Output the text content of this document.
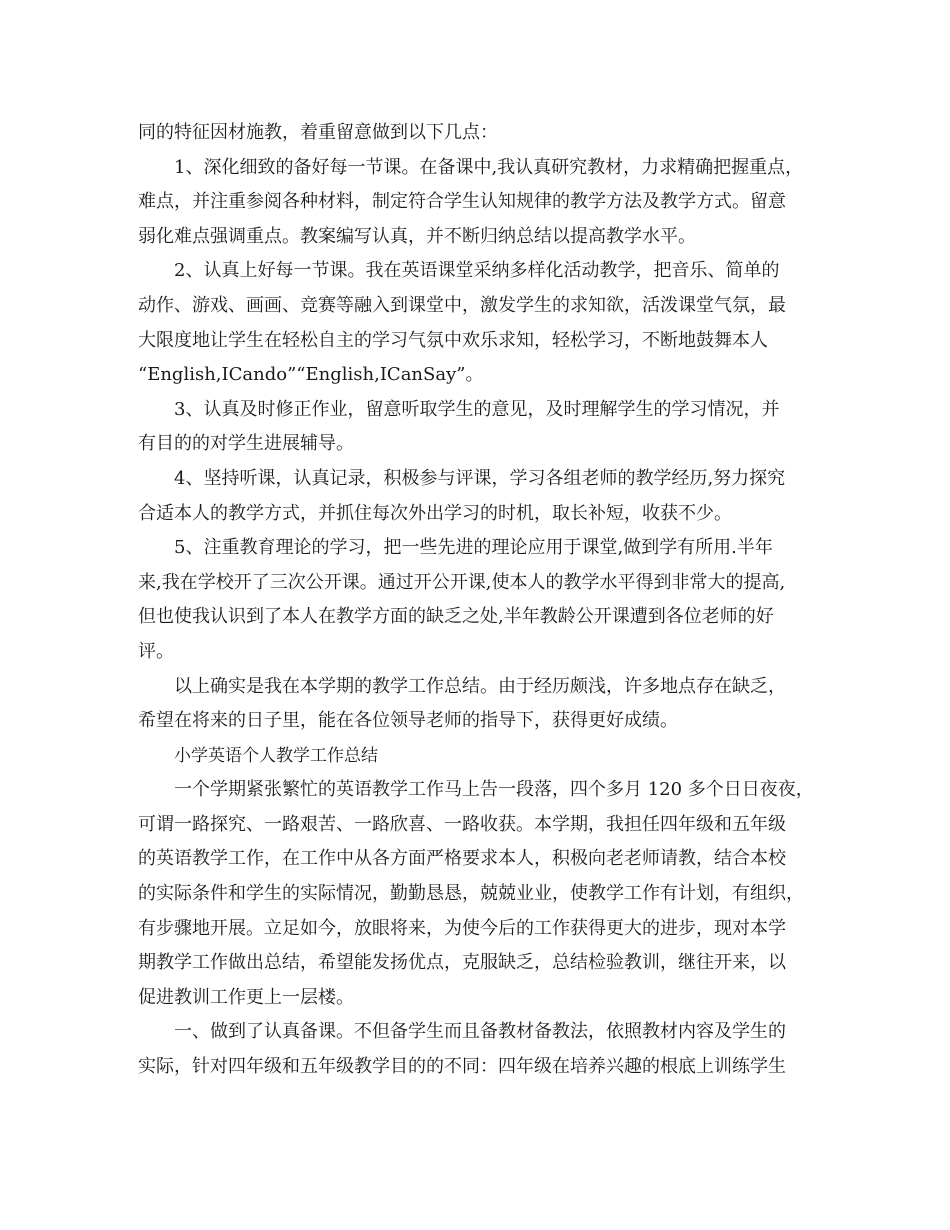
同的特征因材施教，着重留意做到以下几点：
1、深化细致的备好每一节课。在备课中,我认真研究教材，力求精确把握重点，
难点，并注重参阅各种材料，制定符合学生认知规律的教学方法及教学方式。留意
弱化难点强调重点。教案编写认真，并不断归纳总结以提高教学水平。
2、认真上好每一节课。我在英语课堂采纳多样化活动教学，把音乐、简单的
动作、游戏、画画、竞赛等融入到课堂中，激发学生的求知欲，活泼课堂气氛，最
大限度地让学生在轻松自主的学习气氛中欢乐求知，轻松学习，不断地鼓舞本人
“English,ICando”“English,ICanSay”。
3、认真及时修正作业，留意听取学生的意见，及时理解学生的学习情况，并
有目的的对学生进展辅导。
4、坚持听课，认真记录，积极参与评课，学习各组老师的教学经历,努力探究
合适本人的教学方式，并抓住每次外出学习的时机，取长补短，收获不少。
5、注重教育理论的学习，把一些先进的理论应用于课堂,做到学有所用.半年
来,我在学校开了三次公开课。通过开公开课,使本人的教学水平得到非常大的提高,
但也使我认识到了本人在教学方面的缺乏之处,半年教龄公开课遭到各位老师的好
评。
以上确实是我在本学期的教学工作总结。由于经历颇浅，许多地点存在缺乏，
希望在将来的日子里，能在各位领导老师的指导下，获得更好成绩。
小学英语个人教学工作总结
一个学期紧张繁忙的英语教学工作马上告一段落，四个多月 120 多个日日夜夜，
可谓一路探究、一路艰苦、一路欣喜、一路收获。本学期，我担任四年级和五年级
的英语教学工作，在工作中从各方面严格要求本人，积极向老老师请教，结合本校
的实际条件和学生的实际情况，勤勤恳恳，兢兢业业，使教学工作有计划，有组织，
有步骤地开展。立足如今，放眼将来，为使今后的工作获得更大的进步，现对本学
期教学工作做出总结，希望能发扬优点，克服缺乏，总结检验教训，继往开来，以
促进教训工作更上一层楼。
一、做到了认真备课。不但备学生而且备教材备教法，依照教材内容及学生的
实际，针对四年级和五年级教学目的的不同：四年级在培养兴趣的根底上训练学生
